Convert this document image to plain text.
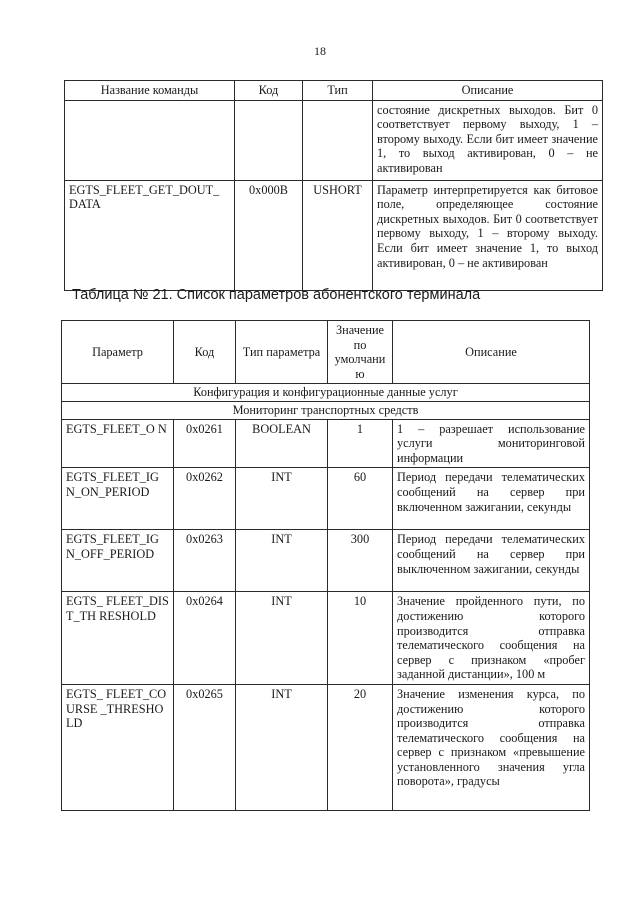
18
Название команды	Код	Тип	Описание
			состояние дискретных выходов. Бит 0 соответствует первому выходу, 1 – второму выходу. Если бит имеет значение 1, то выход активирован, 0 – не активирован
EGTS_FLEET_GET_DOUT_ DATA	0x000B	USHORT	Параметр интерпретируется как битовое поле, определяющее состояние дискретных выходов. Бит 0 соответствует первому выходу, 1 – второму выходу. Если бит имеет значение 1, то выход активирован, 0 – не активирован
Таблица № 21. Список параметров абонентского терминала
Параметр	Код	Тип параметра	Значение по умолчани ю	Описание
Конфигурация и конфигурационные данные услуг				
Мониторинг транспортных средств				
EGTS_FLEET_O N	0x0261	BOOLEAN	1	1 – разрешает использование услуги мониторинговой информации
EGTS_FLEET_IG N_ON_PERIOD	0x0262	INT	60	Период передачи телематических сообщений на сервер при включенном зажигании, секунды
EGTS_FLEET_IG N_OFF_PERIOD	0x0263	INT	300	Период передачи телематических сообщений на сервер при выключенном зажигании, секунды
EGTS_ FLEET_DIST_TH RESHOLD	0x0264	INT	10	Значение пройденного пути, по достижению которого производится отправка телематического сообщения на сервер с признаком «пробег заданной дистанции», 100 м
EGTS_ FLEET_COURSE _THRESHOLD	0x0265	INT	20	Значение изменения курса, по достижению которого производится отправка телематического сообщения на сервер с признаком «превышение установленного значения угла поворота», градусы
